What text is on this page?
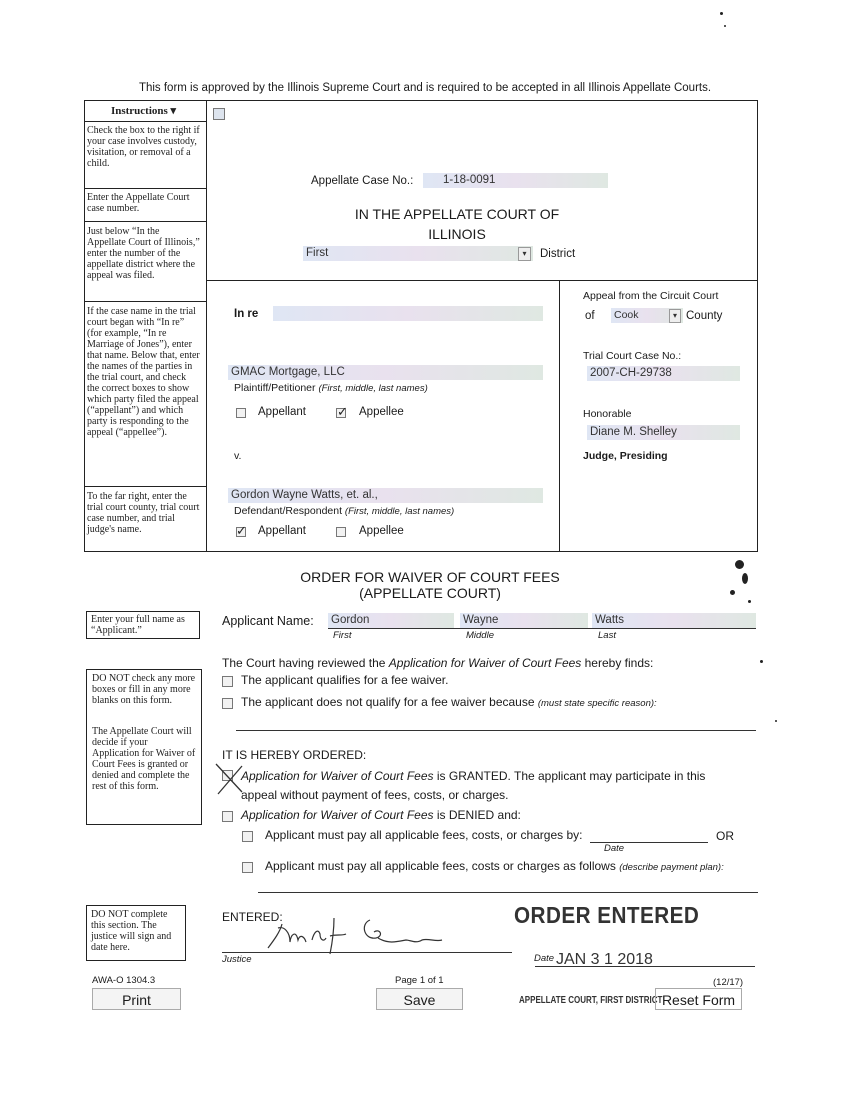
This form is approved by the Illinois Supreme Court and is required to be accepted in all Illinois Appellate Courts.
Instructions ▾
Check the box to the right if your case involves custody, visitation, or removal of a child.
Enter the Appellate Court case number.
Just below “In the Appellate Court of Illinois,” enter the number of the appellate district where the appeal was filed.
If the case name in the trial court began with “In re” (for example, “In re Marriage of Jones”), enter that name. Below that, enter the names of the parties in the trial court, and check the correct boxes to show which party filed the appeal (“appellant”) and which party is responding to the appeal (“appellee”).
To the far right, enter the trial court county, trial court case number, and trial judge's name.
Appellate Case No.:	1-18-0091
IN THE APPELLATE COURT OF
ILLINOIS
First	▾	District
In re
GMAC Mortgage, LLC
Plaintiff/Petitioner (First, middle, last names)
Appellant ✓ Appellee
v.
Gordon Wayne Watts, et. al.,
Defendant/Respondent (First, middle, last names)
✓ Appellant	Appellee
Appeal from the Circuit Court
of Cook	▾ County
Trial Court Case No.:
2007-CH-29738
Honorable
Diane M. Shelley
Judge, Presiding
ORDER FOR WAIVER OF COURT FEES
(APPELLATE COURT)
Enter your full name as “Applicant.”
Applicant Name: Gordon	Wayne	Watts
First	Middle	Last
DO NOT check any more boxes or fill in any more blanks on this form.
The Appellate Court will decide if your Application for Waiver of Court Fees is granted or denied and complete the rest of this form.
The Court having reviewed the Application for Waiver of Court Fees hereby finds:
The applicant qualifies for a fee waiver.
The applicant does not qualify for a fee waiver because (must state specific reason):
IT IS HEREBY ORDERED:
Application for Waiver of Court Fees is GRANTED. The applicant may participate in this
appeal without payment of fees, costs, or charges.
Application for Waiver of Court Fees is DENIED and:
Applicant must pay all applicable fees, costs, or charges by:	OR
Date
Applicant must pay all applicable fees, costs or charges as follows (describe payment plan):
DO NOT complete this section. The justice will sign and date here.
ENTERED:
Justice
ORDER ENTERED
Date JAN 3 1 2018
APPELLATE COURT, FIRST DISTRICT
AWA-O 1304.3	Page 1 of 1	(12/17)
Print	Save	Reset Form
